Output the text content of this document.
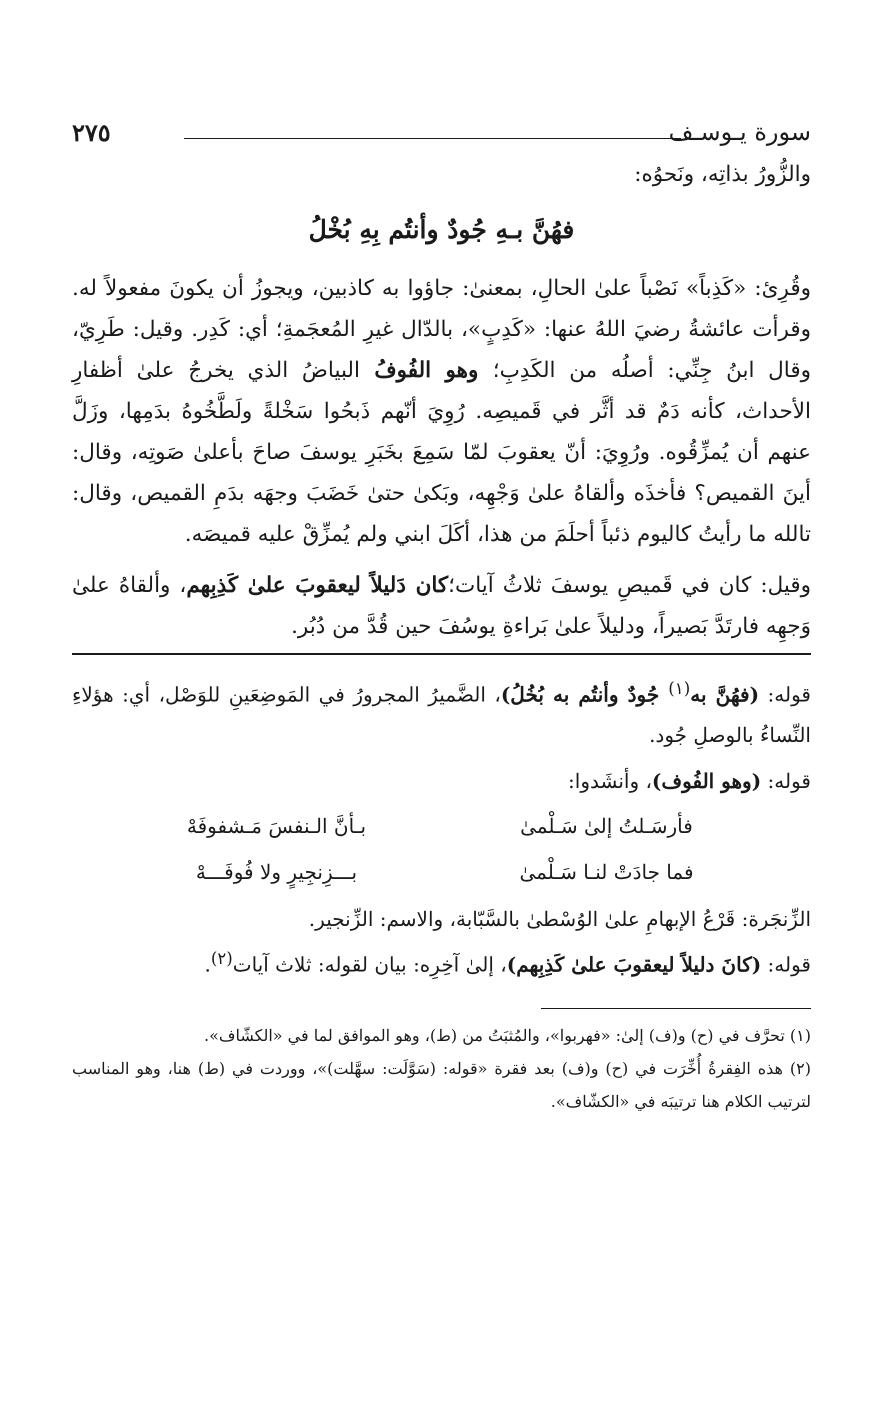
سورة يـوسـف
٢٧٥

والزُّورُ بذاتِه، ونَحوُه:

فهُنَّ بـهِ جُودٌ وأنتُم بِهِ بُخْلُ

وقُرِئ: «كَذِباً» نَصْباً علىٰ الحالِ، بمعنىٰ: جاؤوا به كاذبين، ويجوزُ أن يكونَ مفعولاً له. وقرأت عائشةُ رضيَ اللهُ عنها: «كَدِبٍ»، بالدّال غيرِ المُعجَمةِ؛ أي: كَدِر. وقيل: طَرِيّ، وقال ابنُ جِنِّي: أصلُه من الكَدِبِ؛ وهو الفُوفُ البياضُ الذي يخرجُ علىٰ أظفارِ الأحداث، كأنه دَمٌ قد أثَّر في قَميصِه. رُوِيَ أنّهم ذَبحُوا سَخْلةً ولَطَّخُوهُ بدَمِها، وزَلَّ عنهم أن يُمزِّقُوه. ورُوِيَ: أنّ يعقوبَ لمّا سَمِعَ بخَبَرِ يوسفَ صاحَ بأعلىٰ صَوتِه، وقال: أينَ القميص؟ فأخذَه وألقاهُ علىٰ وَجْهِه، وبَكىٰ حتىٰ خَضَبَ وجهَه بدَمِ القميص، وقال: تالله ما رأيتُ كاليوم ذئباً أحلَمَ من هذا، أكَلَ ابني ولم يُمزِّقْ عليه قميصَه.

وقيل: كان في قَميصِ يوسفَ ثلاثُ آيات؛كان دَليلاً ليعقوبَ علىٰ كَذِبِهم، وألقاهُ علىٰ وَجهِه فارتَدَّ بَصيراً، ودليلاً علىٰ بَراءةِ يوسُفَ حين قُدَّ من دُبُر.

قوله: (فهُنَّ به$^{(١)}$ جُودٌ وأنتُم به بُخُلُ)، الضَّميرُ المجرورُ في المَوضِعَينِ للوَصْل، أي: هؤلاءِ النِّساءُ بالوصلِ جُود.

قوله: (وهو الفُوف)، وأنشَدوا:

فأرسَـلتُ إلىٰ سَـلْمىٰ
بـأنَّ الـنفسَ مَـشفوفَهْ
فما جادَتْ لنـا سَـلْمىٰ
بـــزِنجِيرٍ ولا فُوفَـــهْ

الزِّنجَرة: قَرْعُ الإبهامِ علىٰ الوُسْطىٰ بالسَّبّابة، والاسم: الزِّنجير.

قوله: (كانَ دليلاً ليعقوبَ علىٰ كَذِبِهم)، إلىٰ آخِرِه: بيان لقوله: ثلاث آيات$^{(٢)}$.

(١) تحرَّف في (ح) و(ف) إلىٰ: «فهربوا»، والمُثبَتُ من (ط)، وهو الموافق لما في «الكشّاف».

(٢) هذه الفِقرةُ أُخِّرَت في (ح) و(ف) بعد فقرة «قوله: (سَوَّلَت: سهَّلت)»، ووردت في (ط) هنا، وهو المناسب لترتيب الكلام هنا ترتيبَه في «الكشّاف».
